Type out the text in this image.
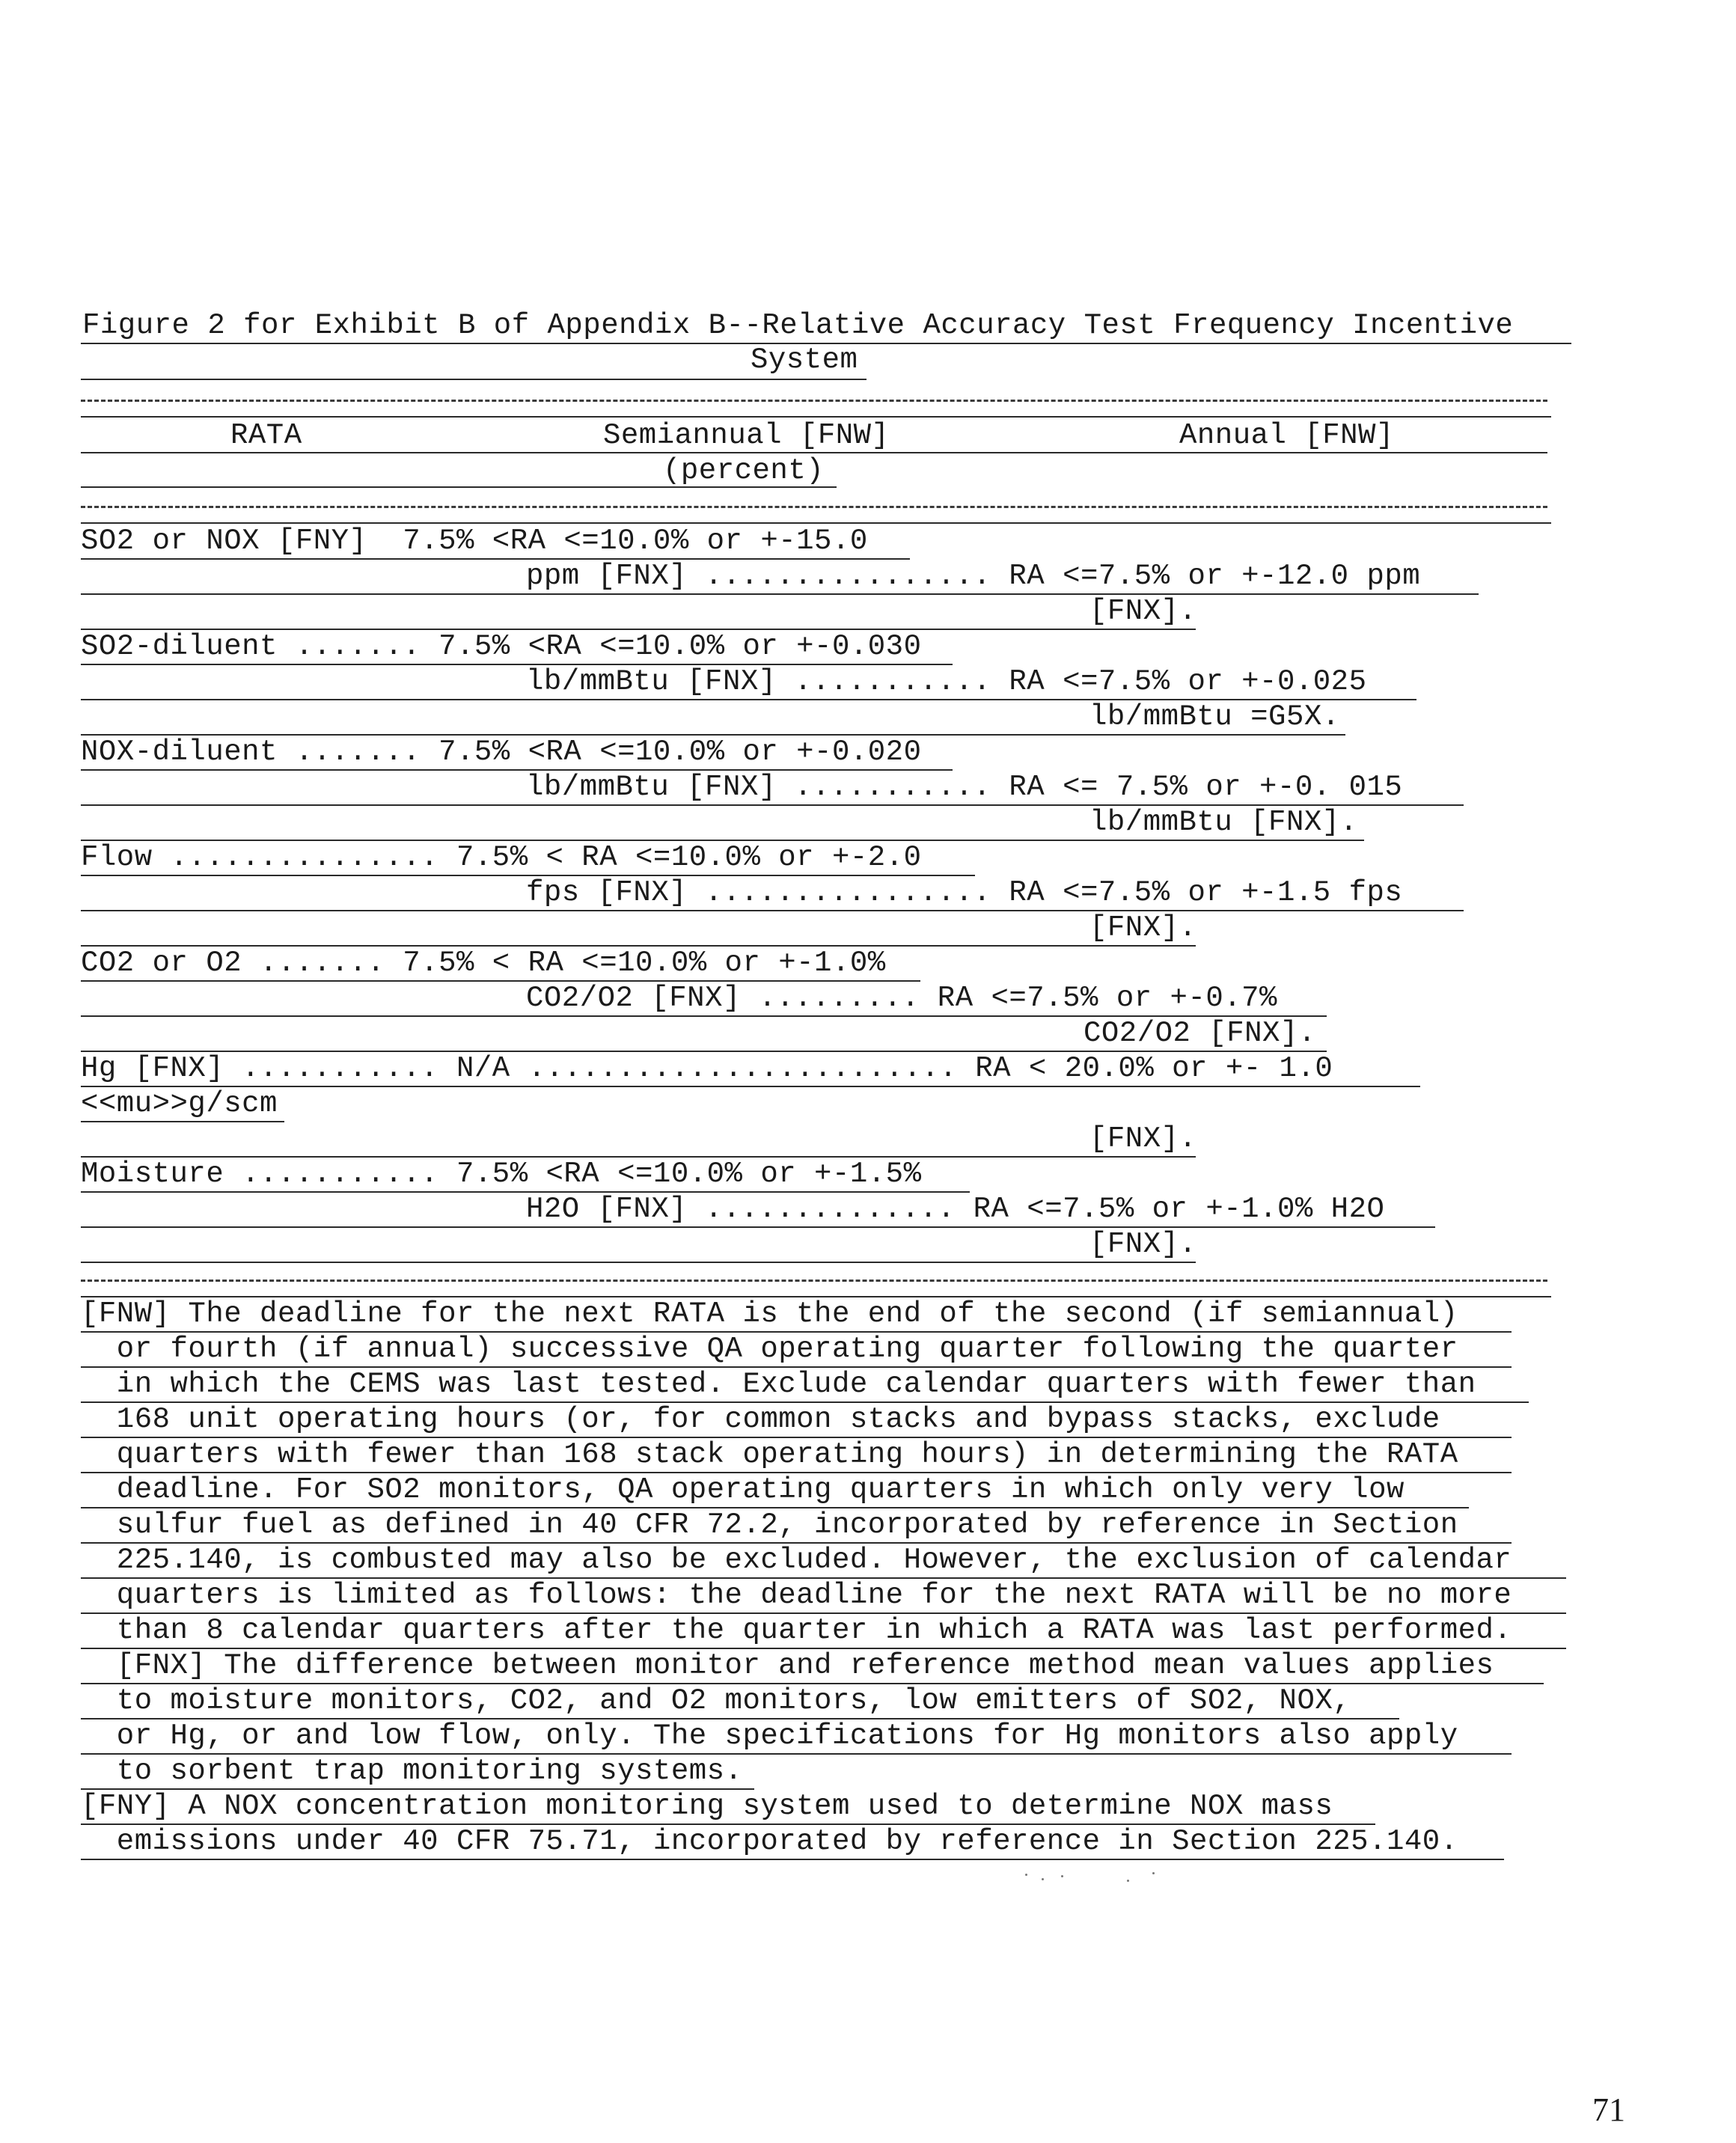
Figure 2 for Exhibit B of Appendix B--Relative Accuracy Test Frequency Incentive
System
RATA	Semiannual [FNW]	Annual [FNW]
(percent)
SO2 or NOX [FNY]  7.5% <RA <=10.0% or +-15.0
ppm [FNX] ................ RA <=7.5% or +-12.0 ppm
[FNX].
SO2-diluent ....... 7.5% <RA <=10.0% or +-0.030
lb/mmBtu [FNX] ........... RA <=7.5% or +-0.025
lb/mmBtu =G5X.
NOX-diluent ....... 7.5% <RA <=10.0% or +-0.020
lb/mmBtu [FNX] ........... RA <= 7.5% or +-0. 015
lb/mmBtu [FNX].
Flow ............... 7.5% < RA <=10.0% or +-2.0
fps [FNX] ................ RA <=7.5% or +-1.5 fps
[FNX].
CO2 or O2 ....... 7.5% < RA <=10.0% or +-1.0%
CO2/O2 [FNX] ......... RA <=7.5% or +-0.7%
CO2/O2 [FNX].
Hg [FNX] ........... N/A ........................ RA < 20.0% or +- 1.0
<<mu>>g/scm
[FNX].
Moisture ........... 7.5% <RA <=10.0% or +-1.5%
H2O [FNX] .............. RA <=7.5% or +-1.0% H2O
[FNX].
[FNW] The deadline for the next RATA is the end of the second (if semiannual)
or fourth (if annual) successive QA operating quarter following the quarter
in which the CEMS was last tested. Exclude calendar quarters with fewer than
168 unit operating hours (or, for common stacks and bypass stacks, exclude
quarters with fewer than 168 stack operating hours) in determining the RATA
deadline. For SO2 monitors, QA operating quarters in which only very low
sulfur fuel as defined in 40 CFR 72.2, incorporated by reference in Section
225.140, is combusted may also be excluded. However, the exclusion of calendar
quarters is limited as follows: the deadline for the next RATA will be no more
than 8 calendar quarters after the quarter in which a RATA was last performed.
[FNX] The difference between monitor and reference method mean values applies
to moisture monitors, CO2, and O2 monitors, low emitters of SO2, NOX,
or Hg, or and low flow, only. The specifications for Hg monitors also apply
to sorbent trap monitoring systems.
[FNY] A NOX concentration monitoring system used to determine NOX mass
emissions under 40 CFR 75.71, incorporated by reference in Section 225.140.
71
